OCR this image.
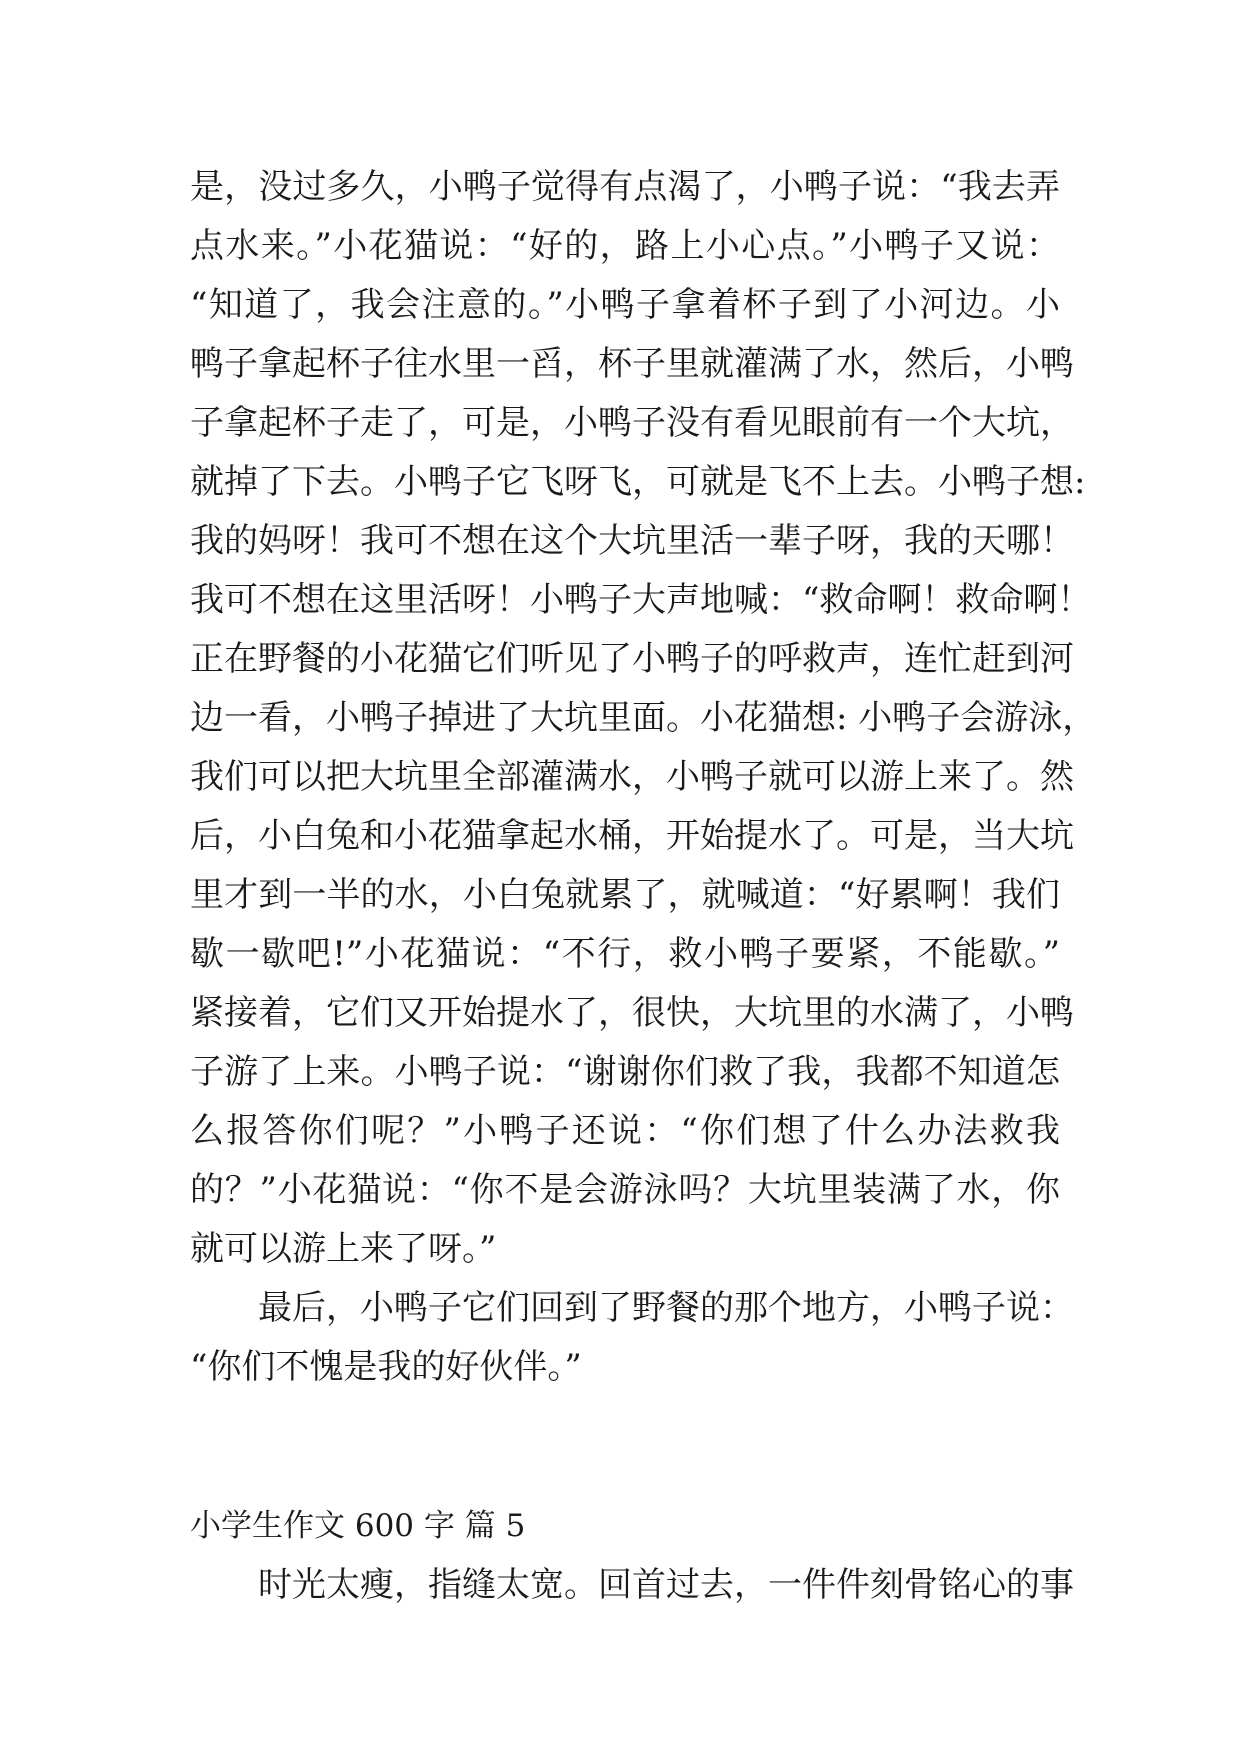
是，没过多久，小鸭子觉得有点渴了，小鸭子说：“我去弄
点水来。”小花猫说：“好的，路上小心点。”小鸭子又说：
“知道了，我会注意的。”小鸭子拿着杯子到了小河边。小
鸭子拿起杯子往水里一舀，杯子里就灌满了水，然后，小鸭
子拿起杯子走了，可是，小鸭子没有看见眼前有一个大坑，
就掉了下去。小鸭子它飞呀飞，可就是飞不上去。小鸭子想:
我的妈呀！我可不想在这个大坑里活一辈子呀，我的天哪！
我可不想在这里活呀！小鸭子大声地喊：“救命啊！救命啊！
正在野餐的小花猫它们听见了小鸭子的呼救声，连忙赶到河
边一看，小鸭子掉进了大坑里面。小花猫想: 小鸭子会游泳，
我们可以把大坑里全部灌满水，小鸭子就可以游上来了。然
后，小白兔和小花猫拿起水桶，开始提水了。可是，当大坑
里才到一半的水，小白兔就累了，就喊道：“好累啊！我们
歇一歇吧!”小花猫说：“不行，救小鸭子要紧，不能歇。”
紧接着，它们又开始提水了，很快，大坑里的水满了，小鸭
子游了上来。小鸭子说：“谢谢你们救了我，我都不知道怎
么报答你们呢？”小鸭子还说：“你们想了什么办法救我
的？”小花猫说：“你不是会游泳吗？大坑里装满了水，你
就可以游上来了呀。”
最后，小鸭子它们回到了野餐的那个地方，小鸭子说：
“你们不愧是我的好伙伴。”
小学生作文 600 字 篇 5
时光太瘦，指缝太宽。回首过去，一件件刻骨铭心的事
